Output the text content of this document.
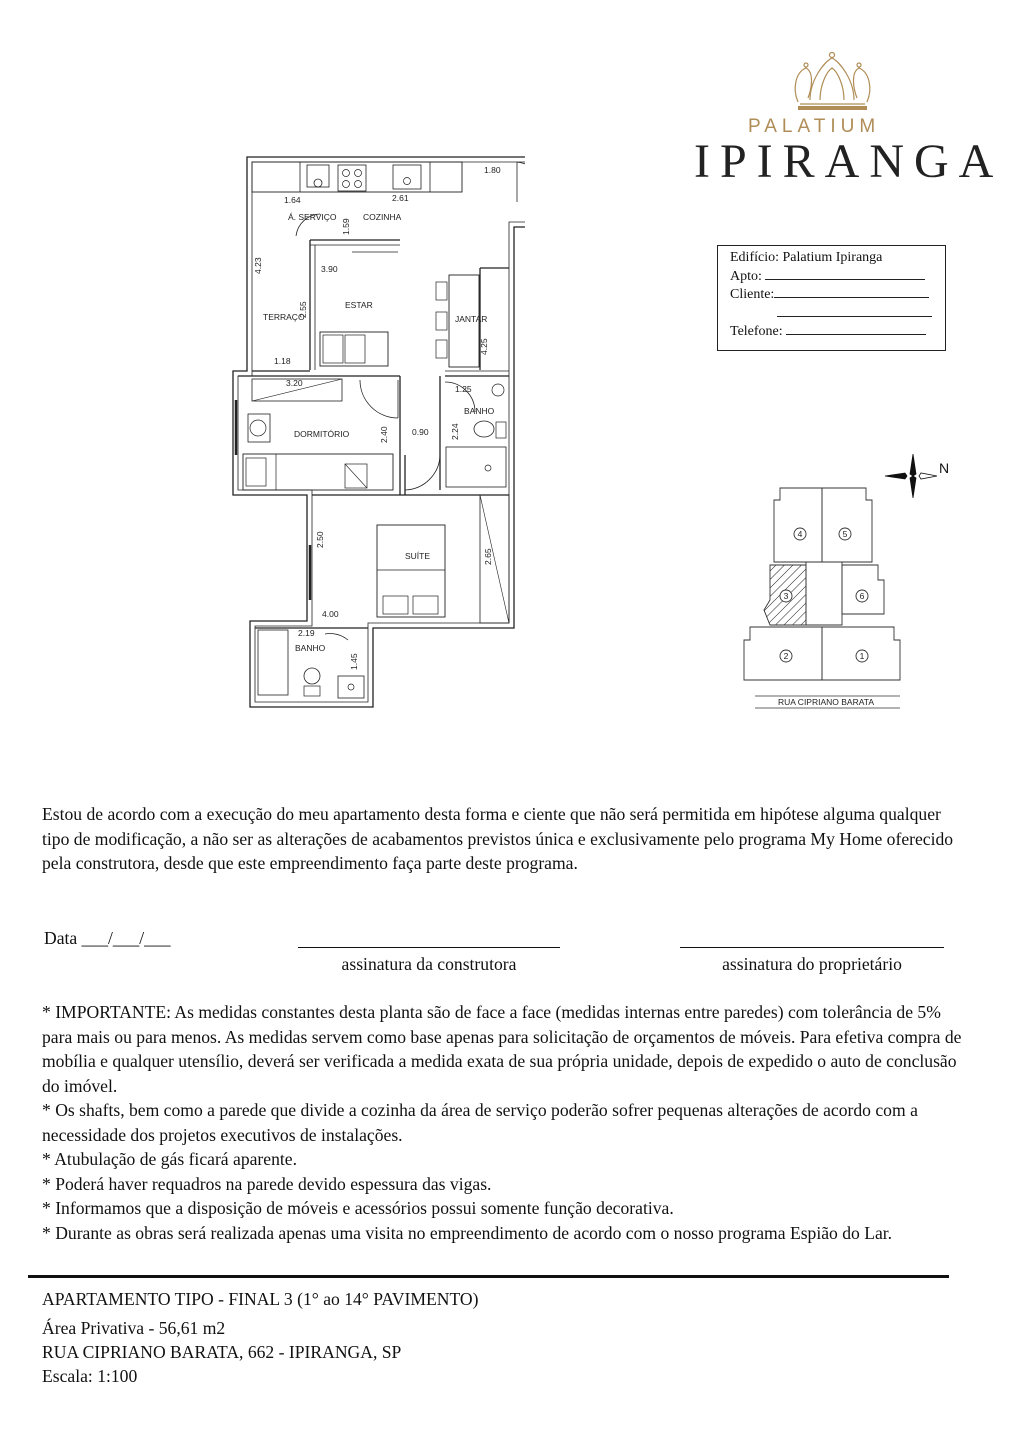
PALATIUM
IPIRANGA
Edifício: Palatium Ipiranga
Apto:
Cliente:
Telefone:
Á. SERVIÇO	COZINHA
ESTAR
TERRAÇO	JANTAR
DORMITÓRIO
BANHO
SUÍTE
BANHO
1.80
1.64	2.61
1.59
4.23	3.90
2.55
4.25
1.18
3.20
1.25
2.40	0.90	2.24
2.50
2.65
4.00
2.19
1.45
N
4	5
3	6
2	1
RUA CIPRIANO BARATA
Estou de acordo com a execução do meu apartamento desta forma e ciente que não será permitida em hipótese alguma qualquer tipo de modificação, a não ser as alterações de acabamentos previstos única e exclusivamente pelo programa My Home oferecido pela construtora, desde que este empreendimento faça parte deste programa.
Data ___/___/___
assinatura da construtora	assinatura do proprietário
* IMPORTANTE: As medidas constantes desta planta são de face a face (medidas internas entre paredes) com tolerância de 5% para mais ou para menos. As medidas servem como base apenas para solicitação de orçamentos de móveis. Para efetiva compra de mobília e qualquer utensílio, deverá ser verificada a medida exata de sua própria unidade, depois de expedido o auto de conclusão do imóvel.
* Os shafts, bem como a parede que divide a cozinha da área de serviço poderão sofrer pequenas alterações de acordo com a necessidade dos projetos executivos de instalações.
* Atubulação de gás ficará aparente.
* Poderá haver requadros na parede devido espessura das vigas.
* Informamos que a disposição de móveis e acessórios possui somente função decorativa.
* Durante as obras será realizada apenas uma visita no empreendimento de acordo com o nosso programa Espião do Lar.
APARTAMENTO TIPO - FINAL 3 (1° ao 14° PAVIMENTO)
Área Privativa - 56,61 m2
RUA CIPRIANO BARATA, 662 - IPIRANGA, SP
Escala: 1:100
